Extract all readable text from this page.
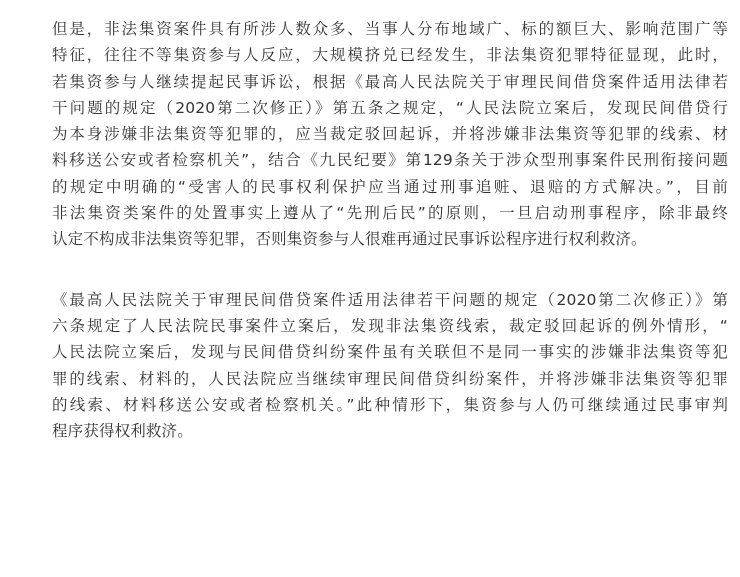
但是，非法集资案件具有所涉人数众多、当事人分布地域广、标的额巨大、影响范围广等
特征，往往不等集资参与人反应，大规模挤兑已经发生，非法集资犯罪特征显现，此时，
若集资参与人继续提起民事诉讼，根据《最高人民法院关于审理民间借贷案件适用法律若
干问题的规定（2020第二次修正）》第五条之规定，“人民法院立案后，发现民间借贷行
为本身涉嫌非法集资等犯罪的，应当裁定驳回起诉，并将涉嫌非法集资等犯罪的线索、材
料移送公安或者检察机关”，结合《九民纪要》第129条关于涉众型刑事案件民刑衔接问题
的规定中明确的“受害人的民事权利保护应当通过刑事追赃、退赔的方式解决。”，目前
非法集资类案件的处置事实上遵从了“先刑后民”的原则，一旦启动刑事程序，除非最终
认定不构成非法集资等犯罪，否则集资参与人很难再通过民事诉讼程序进行权利救济。
《最高人民法院关于审理民间借贷案件适用法律若干问题的规定（2020第二次修正）》第
六条规定了人民法院民事案件立案后，发现非法集资线索，裁定驳回起诉的例外情形，“
人民法院立案后，发现与民间借贷纠纷案件虽有关联但不是同一事实的涉嫌非法集资等犯
罪的线索、材料的，人民法院应当继续审理民间借贷纠纷案件，并将涉嫌非法集资等犯罪
的线索、材料移送公安或者检察机关。”此种情形下，集资参与人仍可继续通过民事审判
程序获得权利救济。
